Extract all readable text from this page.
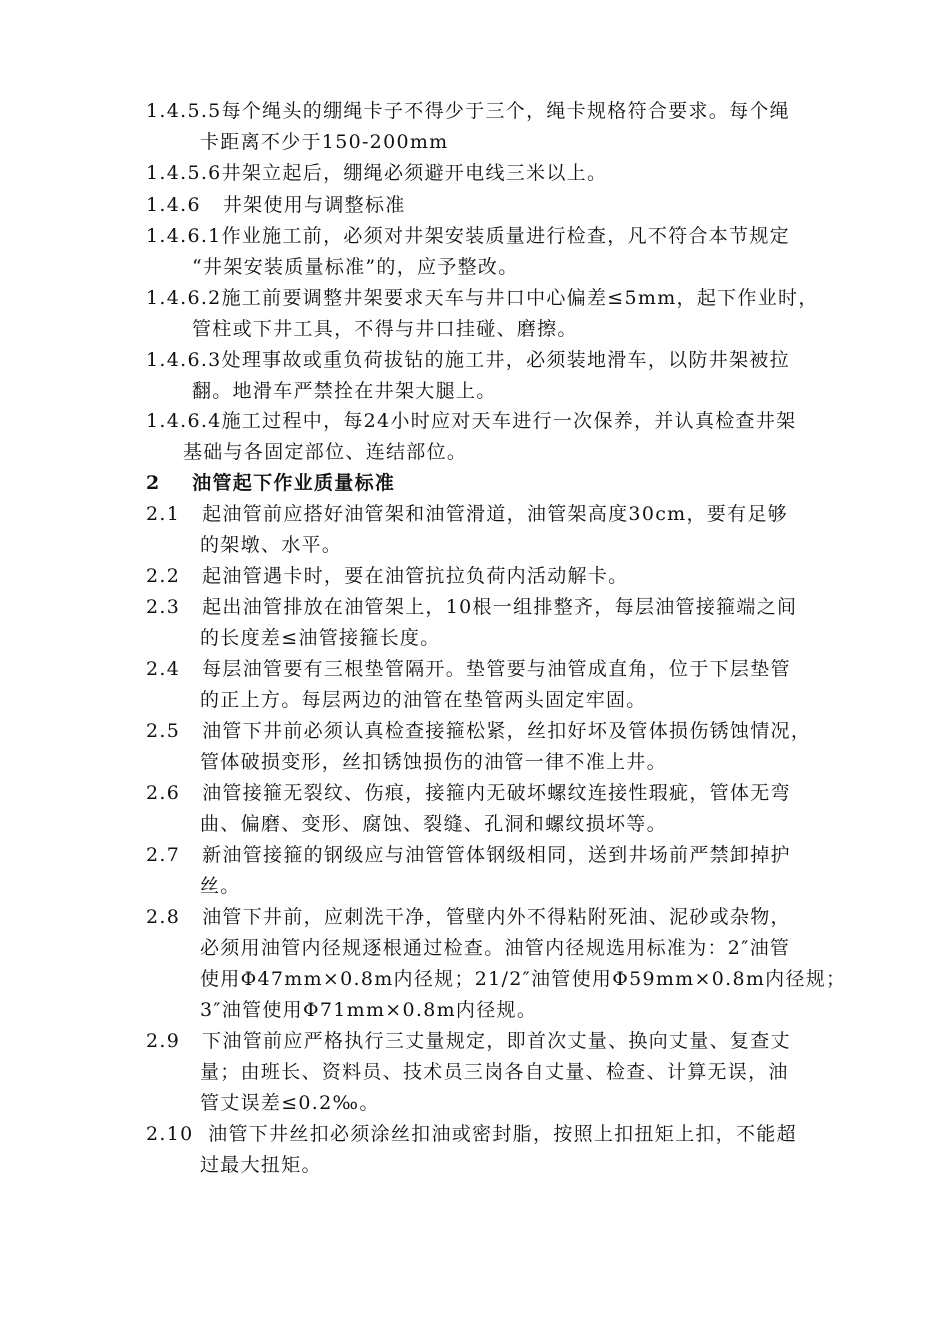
1.4.5.5每个绳头的绷绳卡子不得少于三个，绳卡规格符合要求。每个绳
卡距离不少于150-200mm
1.4.5.6井架立起后，绷绳必须避开电线三米以上。
1.4.6   井架使用与调整标准
1.4.6.1作业施工前，必须对井架安装质量进行检查，凡不符合本节规定
“井架安装质量标准”的，应予整改。
1.4.6.2施工前要调整井架要求天车与井口中心偏差≤5mm，起下作业时，
管柱或下井工具，不得与井口挂碰、磨擦。
1.4.6.3处理事故或重负荷拔钻的施工井，必须装地滑车，以防井架被拉
翻。地滑车严禁拴在井架大腿上。
1.4.6.4施工过程中，每24小时应对天车进行一次保养，并认真检查井架
基础与各固定部位、连结部位。
2    油管起下作业质量标准
2.1   起油管前应搭好油管架和油管滑道，油管架高度30cm，要有足够
的架墩、水平。
2.2   起油管遇卡时，要在油管抗拉负荷内活动解卡。
2.3   起出油管排放在油管架上，10根一组排整齐，每层油管接箍端之间
的长度差≤油管接箍长度。
2.4   每层油管要有三根垫管隔开。垫管要与油管成直角，位于下层垫管
的正上方。每层两边的油管在垫管两头固定牢固。
2.5   油管下井前必须认真检查接箍松紧，丝扣好坏及管体损伤锈蚀情况，
管体破损变形，丝扣锈蚀损伤的油管一律不准上井。
2.6   油管接箍无裂纹、伤痕，接箍内无破坏螺纹连接性瑕疵，管体无弯
曲、偏磨、变形、腐蚀、裂缝、孔洞和螺纹损坏等。
2.7   新油管接箍的钢级应与油管管体钢级相同，送到井场前严禁卸掉护
丝。
2.8   油管下井前，应刺洗干净，管壁内外不得粘附死油、泥砂或杂物，
必须用油管内径规逐根通过检查。油管内径规选用标准为：2″油管
使用Φ47mm×0.8m内径规；21/2″油管使用Φ59mm×0.8m内径规；
3″油管使用Φ71mm×0.8m内径规。
2.9   下油管前应严格执行三丈量规定，即首次丈量、换向丈量、复查丈
量；由班长、资料员、技术员三岗各自丈量、检查、计算无误，油
管丈误差≤0.2‰。
2.10  油管下井丝扣必须涂丝扣油或密封脂，按照上扣扭矩上扣，不能超
过最大扭矩。
